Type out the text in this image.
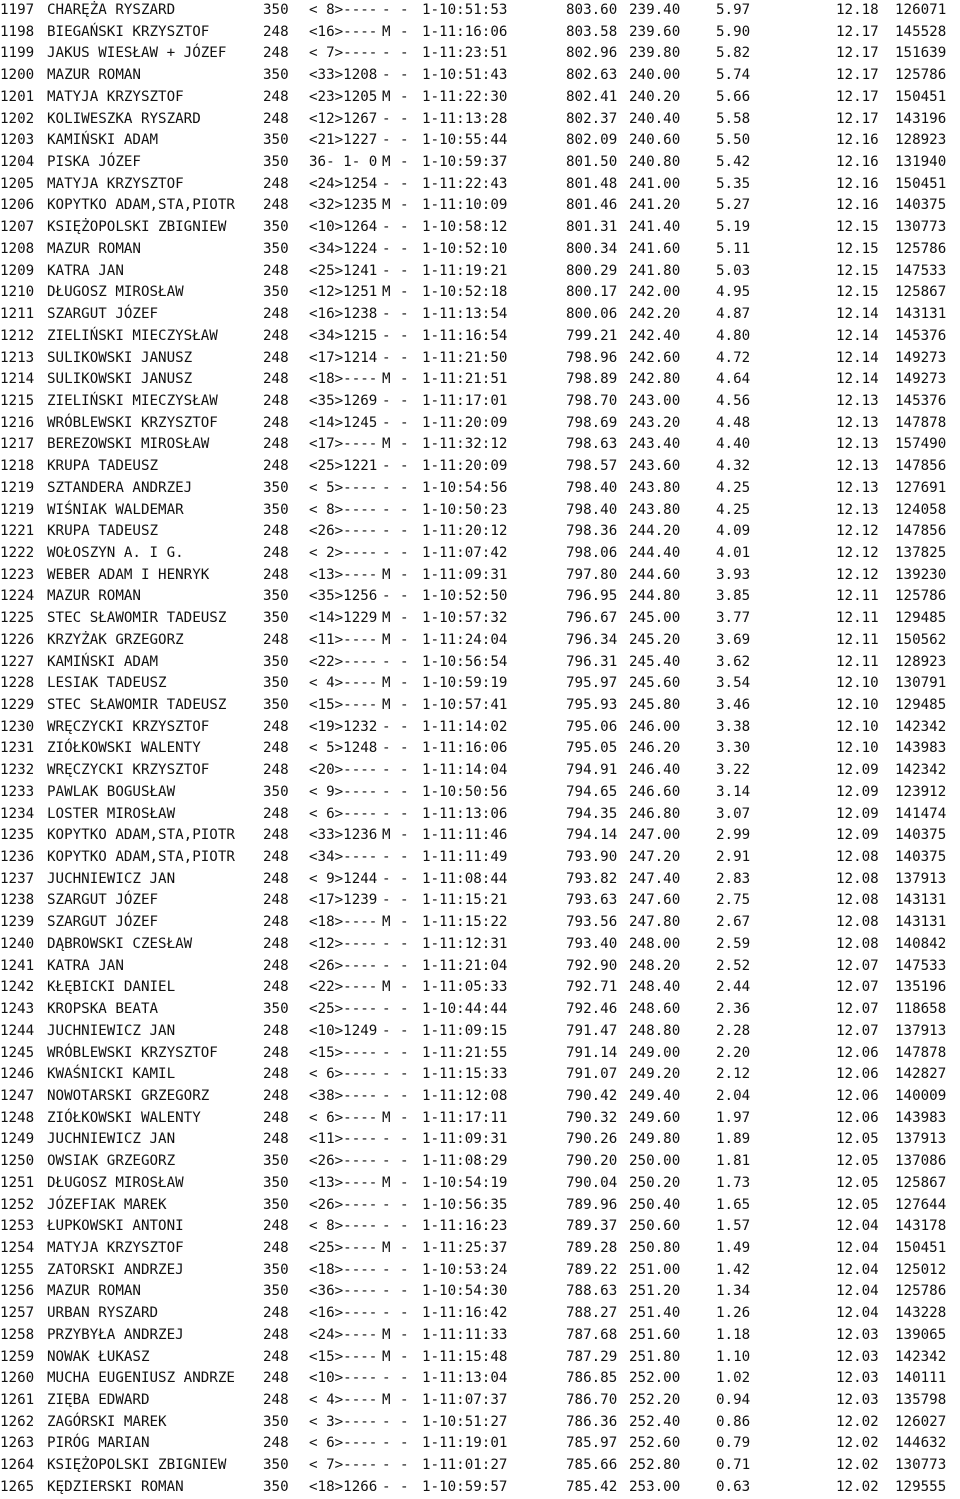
1197 CHARĘŻA RYSZARD	350 < 8>---- - - 1-10:51:53	803.60 239.40	5.97	12.18 126071
1198 BIEGAŃSKI KRZYSZTOF	248 <16>---- M - 1-11:16:06	803.58 239.60	5.90	12.17 145528
1199 JAKUS WIESŁAW + JÓZEF	248 < 7>---- - - 1-11:23:51	802.96 239.80	5.82	12.17 151639
1200 MAZUR ROMAN	350 <33>1208 - - 1-10:51:43	802.63 240.00	5.74	12.17 125786
1201 MATYJA KRZYSZTOF	248 <23>1205 M - 1-11:22:30	802.41 240.20	5.66	12.17 150451
1202 KOLIWESZKA RYSZARD	248 <12>1267 - - 1-11:13:28	802.37 240.40	5.58	12.17 143196
1203 KAMIŃSKI ADAM	350 <21>1227 - - 1-10:55:44	802.09 240.60	5.50	12.16 128923
1204 PISKA JÓZEF	350 36- 1- 0 M - 1-10:59:37	801.50 240.80	5.42	12.16 131940
1205 MATYJA KRZYSZTOF	248 <24>1254 - - 1-11:22:43	801.48 241.00	5.35	12.16 150451
1206 KOPYTKO ADAM,STA,PIOTR 248 <32>1235 M - 1-11:10:09	801.46 241.20	5.27	12.16 140375
1207 KSIĘŻOPOLSKI ZBIGNIEW	350 <10>1264 - - 1-10:58:12	801.31 241.40	5.19	12.15 130773
1208 MAZUR ROMAN	350 <34>1224 - - 1-10:52:10	800.34 241.60	5.11	12.15 125786
1209 KATRA JAN	248 <25>1241 - - 1-11:19:21	800.29 241.80	5.03	12.15 147533
1210 DŁUGOSZ MIROSŁAW	350 <12>1251 M - 1-10:52:18	800.17 242.00	4.95	12.15 125867
1211 SZARGUT JÓZEF	248 <16>1238 - - 1-11:13:54	800.06 242.20	4.87	12.14 143131
1212 ZIELIŃSKI MIECZYSŁAW	248 <34>1215 - - 1-11:16:54	799.21 242.40	4.80	12.14 145376
1213 SULIKOWSKI JANUSZ	248 <17>1214 - - 1-11:21:50	798.96 242.60	4.72	12.14 149273
1214 SULIKOWSKI JANUSZ	248 <18>---- M - 1-11:21:51	798.89 242.80	4.64	12.14 149273
1215 ZIELIŃSKI MIECZYSŁAW	248 <35>1269 - - 1-11:17:01	798.70 243.00	4.56	12.13 145376
1216 WRÓBLEWSKI KRZYSZTOF	248 <14>1245 - - 1-11:20:09	798.69 243.20	4.48	12.13 147878
1217 BEREZOWSKI MIROSŁAW	248 <17>---- M - 1-11:32:12	798.63 243.40	4.40	12.13 157490
1218 KRUPA TADEUSZ	248 <25>1221 - - 1-11:20:09	798.57 243.60	4.32	12.13 147856
1219 SZTANDERA ANDRZEJ	350 < 5>---- - - 1-10:54:56	798.40 243.80	4.25	12.13 127691
1219 WIŚNIAK WALDEMAR	350 < 8>---- - - 1-10:50:23	798.40 243.80	4.25	12.13 124058
1221 KRUPA TADEUSZ	248 <26>---- - - 1-11:20:12	798.36 244.20	4.09	12.12 147856
1222 WOŁOSZYN A. I G.	248 < 2>---- - - 1-11:07:42	798.06 244.40	4.01	12.12 137825
1223 WEBER ADAM I HENRYK	248 <13>---- M - 1-11:09:31	797.80 244.60	3.93	12.12 139230
1224 MAZUR ROMAN	350 <35>1256 - - 1-10:52:50	796.95 244.80	3.85	12.11 125786
1225 STEC SŁAWOMIR TADEUSZ	350 <14>1229 M - 1-10:57:32	796.67 245.00	3.77	12.11 129485
1226 KRZYŻAK GRZEGORZ	248 <11>---- M - 1-11:24:04	796.34 245.20	3.69	12.11 150562
1227 KAMIŃSKI ADAM	350 <22>---- - - 1-10:56:54	796.31 245.40	3.62	12.11 128923
1228 LESIAK TADEUSZ	350 < 4>---- M - 1-10:59:19	795.97 245.60	3.54	12.10 130791
1229 STEC SŁAWOMIR TADEUSZ	350 <15>---- M - 1-10:57:41	795.93 245.80	3.46	12.10 129485
1230 WRĘCZYCKI KRZYSZTOF	248 <19>1232 - - 1-11:14:02	795.06 246.00	3.38	12.10 142342
1231 ZIÓŁKOWSKI WALENTY	248 < 5>1248 - - 1-11:16:06	795.05 246.20	3.30	12.10 143983
1232 WRĘCZYCKI KRZYSZTOF	248 <20>---- - - 1-11:14:04	794.91 246.40	3.22	12.09 142342
1233 PAWLAK BOGUSŁAW	350 < 9>---- - - 1-10:50:56	794.65 246.60	3.14	12.09 123912
1234 LOSTER MIROSŁAW	248 < 6>---- - - 1-11:13:06	794.35 246.80	3.07	12.09 141474
1235 KOPYTKO ADAM,STA,PIOTR 248 <33>1236 M - 1-11:11:46	794.14 247.00	2.99	12.09 140375
1236 KOPYTKO ADAM,STA,PIOTR 248 <34>---- - - 1-11:11:49	793.90 247.20	2.91	12.08 140375
1237 JUCHNIEWICZ JAN	248 < 9>1244 - - 1-11:08:44	793.82 247.40	2.83	12.08 137913
1238 SZARGUT JÓZEF	248 <17>1239 - - 1-11:15:21	793.63 247.60	2.75	12.08 143131
1239 SZARGUT JÓZEF	248 <18>---- M - 1-11:15:22	793.56 247.80	2.67	12.08 143131
1240 DĄBROWSKI CZESŁAW	248 <12>---- - - 1-11:12:31	793.40 248.00	2.59	12.08 140842
1241 KATRA JAN	248 <26>---- - - 1-11:21:04	792.90 248.20	2.52	12.07 147533
1242 KŁĘBICKI DANIEL	248 <22>---- M - 1-11:05:33	792.71 248.40	2.44	12.07 135196
1243 KROPSKA BEATA	350 <25>---- - - 1-10:44:44	792.46 248.60	2.36	12.07 118658
1244 JUCHNIEWICZ JAN	248 <10>1249 - - 1-11:09:15	791.47 248.80	2.28	12.07 137913
1245 WRÓBLEWSKI KRZYSZTOF	248 <15>---- - - 1-11:21:55	791.14 249.00	2.20	12.06 147878
1246 KWAŚNICKI KAMIL	248 < 6>---- - - 1-11:15:33	791.07 249.20	2.12	12.06 142827
1247 NOWOTARSKI GRZEGORZ	248 <38>---- - - 1-11:12:08	790.42 249.40	2.04	12.06 140009
1248 ZIÓŁKOWSKI WALENTY	248 < 6>---- M - 1-11:17:11	790.32 249.60	1.97	12.06 143983
1249 JUCHNIEWICZ JAN	248 <11>---- - - 1-11:09:31	790.26 249.80	1.89	12.05 137913
1250 OWSIAK GRZEGORZ	350 <26>---- - - 1-11:08:29	790.20 250.00	1.81	12.05 137086
1251 DŁUGOSZ MIROSŁAW	350 <13>---- M - 1-10:54:19	790.04 250.20	1.73	12.05 125867
1252 JÓZEFIAK MAREK	350 <26>---- - - 1-10:56:35	789.96 250.40	1.65	12.05 127644
1253 ŁUPKOWSKI ANTONI	248 < 8>---- - - 1-11:16:23	789.37 250.60	1.57	12.04 143178
1254 MATYJA KRZYSZTOF	248 <25>---- M - 1-11:25:37	789.28 250.80	1.49	12.04 150451
1255 ZATORSKI ANDRZEJ	350 <18>---- - - 1-10:53:24	789.22 251.00	1.42	12.04 125012
1256 MAZUR ROMAN	350 <36>---- - - 1-10:54:30	788.63 251.20	1.34	12.04 125786
1257 URBAN RYSZARD	248 <16>---- - - 1-11:16:42	788.27 251.40	1.26	12.04 143228
1258 PRZYBYŁA ANDRZEJ	248 <24>---- M - 1-11:11:33	787.68 251.60	1.18	12.03 139065
1259 NOWAK ŁUKASZ	248 <15>---- M - 1-11:15:48	787.29 251.80	1.10	12.03 142342
1260 MUCHA EUGENIUSZ ANDRZE 248 <10>---- - - 1-11:13:04	786.85 252.00	1.02	12.03 140111
1261 ZIĘBA EDWARD	248 < 4>---- M - 1-11:07:37	786.70 252.20	0.94	12.03 135798
1262 ZAGÓRSKI MAREK	350 < 3>---- - - 1-10:51:27	786.36 252.40	0.86	12.02 126027
1263 PIRÓG MARIAN	248 < 6>---- - - 1-11:19:01	785.97 252.60	0.79	12.02 144632
1264 KSIĘŻOPOLSKI ZBIGNIEW	350 < 7>---- - - 1-11:01:27	785.66 252.80	0.71	12.02 130773
1265 KĘDZIERSKI ROMAN	350 <18>1266 - - 1-10:59:57	785.42 253.00	0.63	12.02 129555
